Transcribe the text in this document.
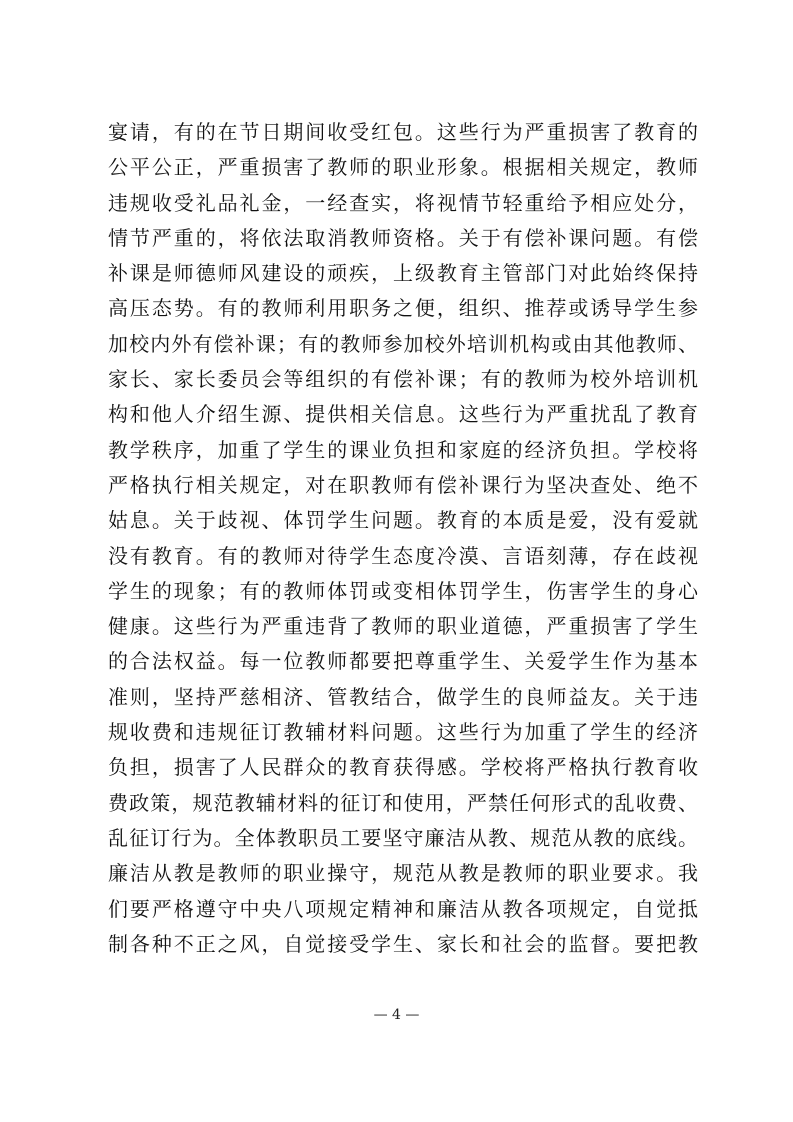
宴请，有的在节日期间收受红包。这些行为严重损害了教育的
公平公正，严重损害了教师的职业形象。根据相关规定，教师
违规收受礼品礼金，一经查实，将视情节轻重给予相应处分，
情节严重的，将依法取消教师资格。关于有偿补课问题。有偿
补课是师德师风建设的顽疾，上级教育主管部门对此始终保持
高压态势。有的教师利用职务之便，组织、推荐或诱导学生参
加校内外有偿补课；有的教师参加校外培训机构或由其他教师、
家长、家长委员会等组织的有偿补课；有的教师为校外培训机
构和他人介绍生源、提供相关信息。这些行为严重扰乱了教育
教学秩序，加重了学生的课业负担和家庭的经济负担。学校将
严格执行相关规定，对在职教师有偿补课行为坚决查处、绝不
姑息。关于歧视、体罚学生问题。教育的本质是爱，没有爱就
没有教育。有的教师对待学生态度冷漠、言语刻薄，存在歧视
学生的现象；有的教师体罚或变相体罚学生，伤害学生的身心
健康。这些行为严重违背了教师的职业道德，严重损害了学生
的合法权益。每一位教师都要把尊重学生、关爱学生作为基本
准则，坚持严慈相济、管教结合，做学生的良师益友。关于违
规收费和违规征订教辅材料问题。这些行为加重了学生的经济
负担，损害了人民群众的教育获得感。学校将严格执行教育收
费政策，规范教辅材料的征订和使用，严禁任何形式的乱收费、
乱征订行为。全体教职员工要坚守廉洁从教、规范从教的底线。
廉洁从教是教师的职业操守，规范从教是教师的职业要求。我
们要严格遵守中央八项规定精神和廉洁从教各项规定，自觉抵
制各种不正之风，自觉接受学生、家长和社会的监督。要把教
— 4 —
